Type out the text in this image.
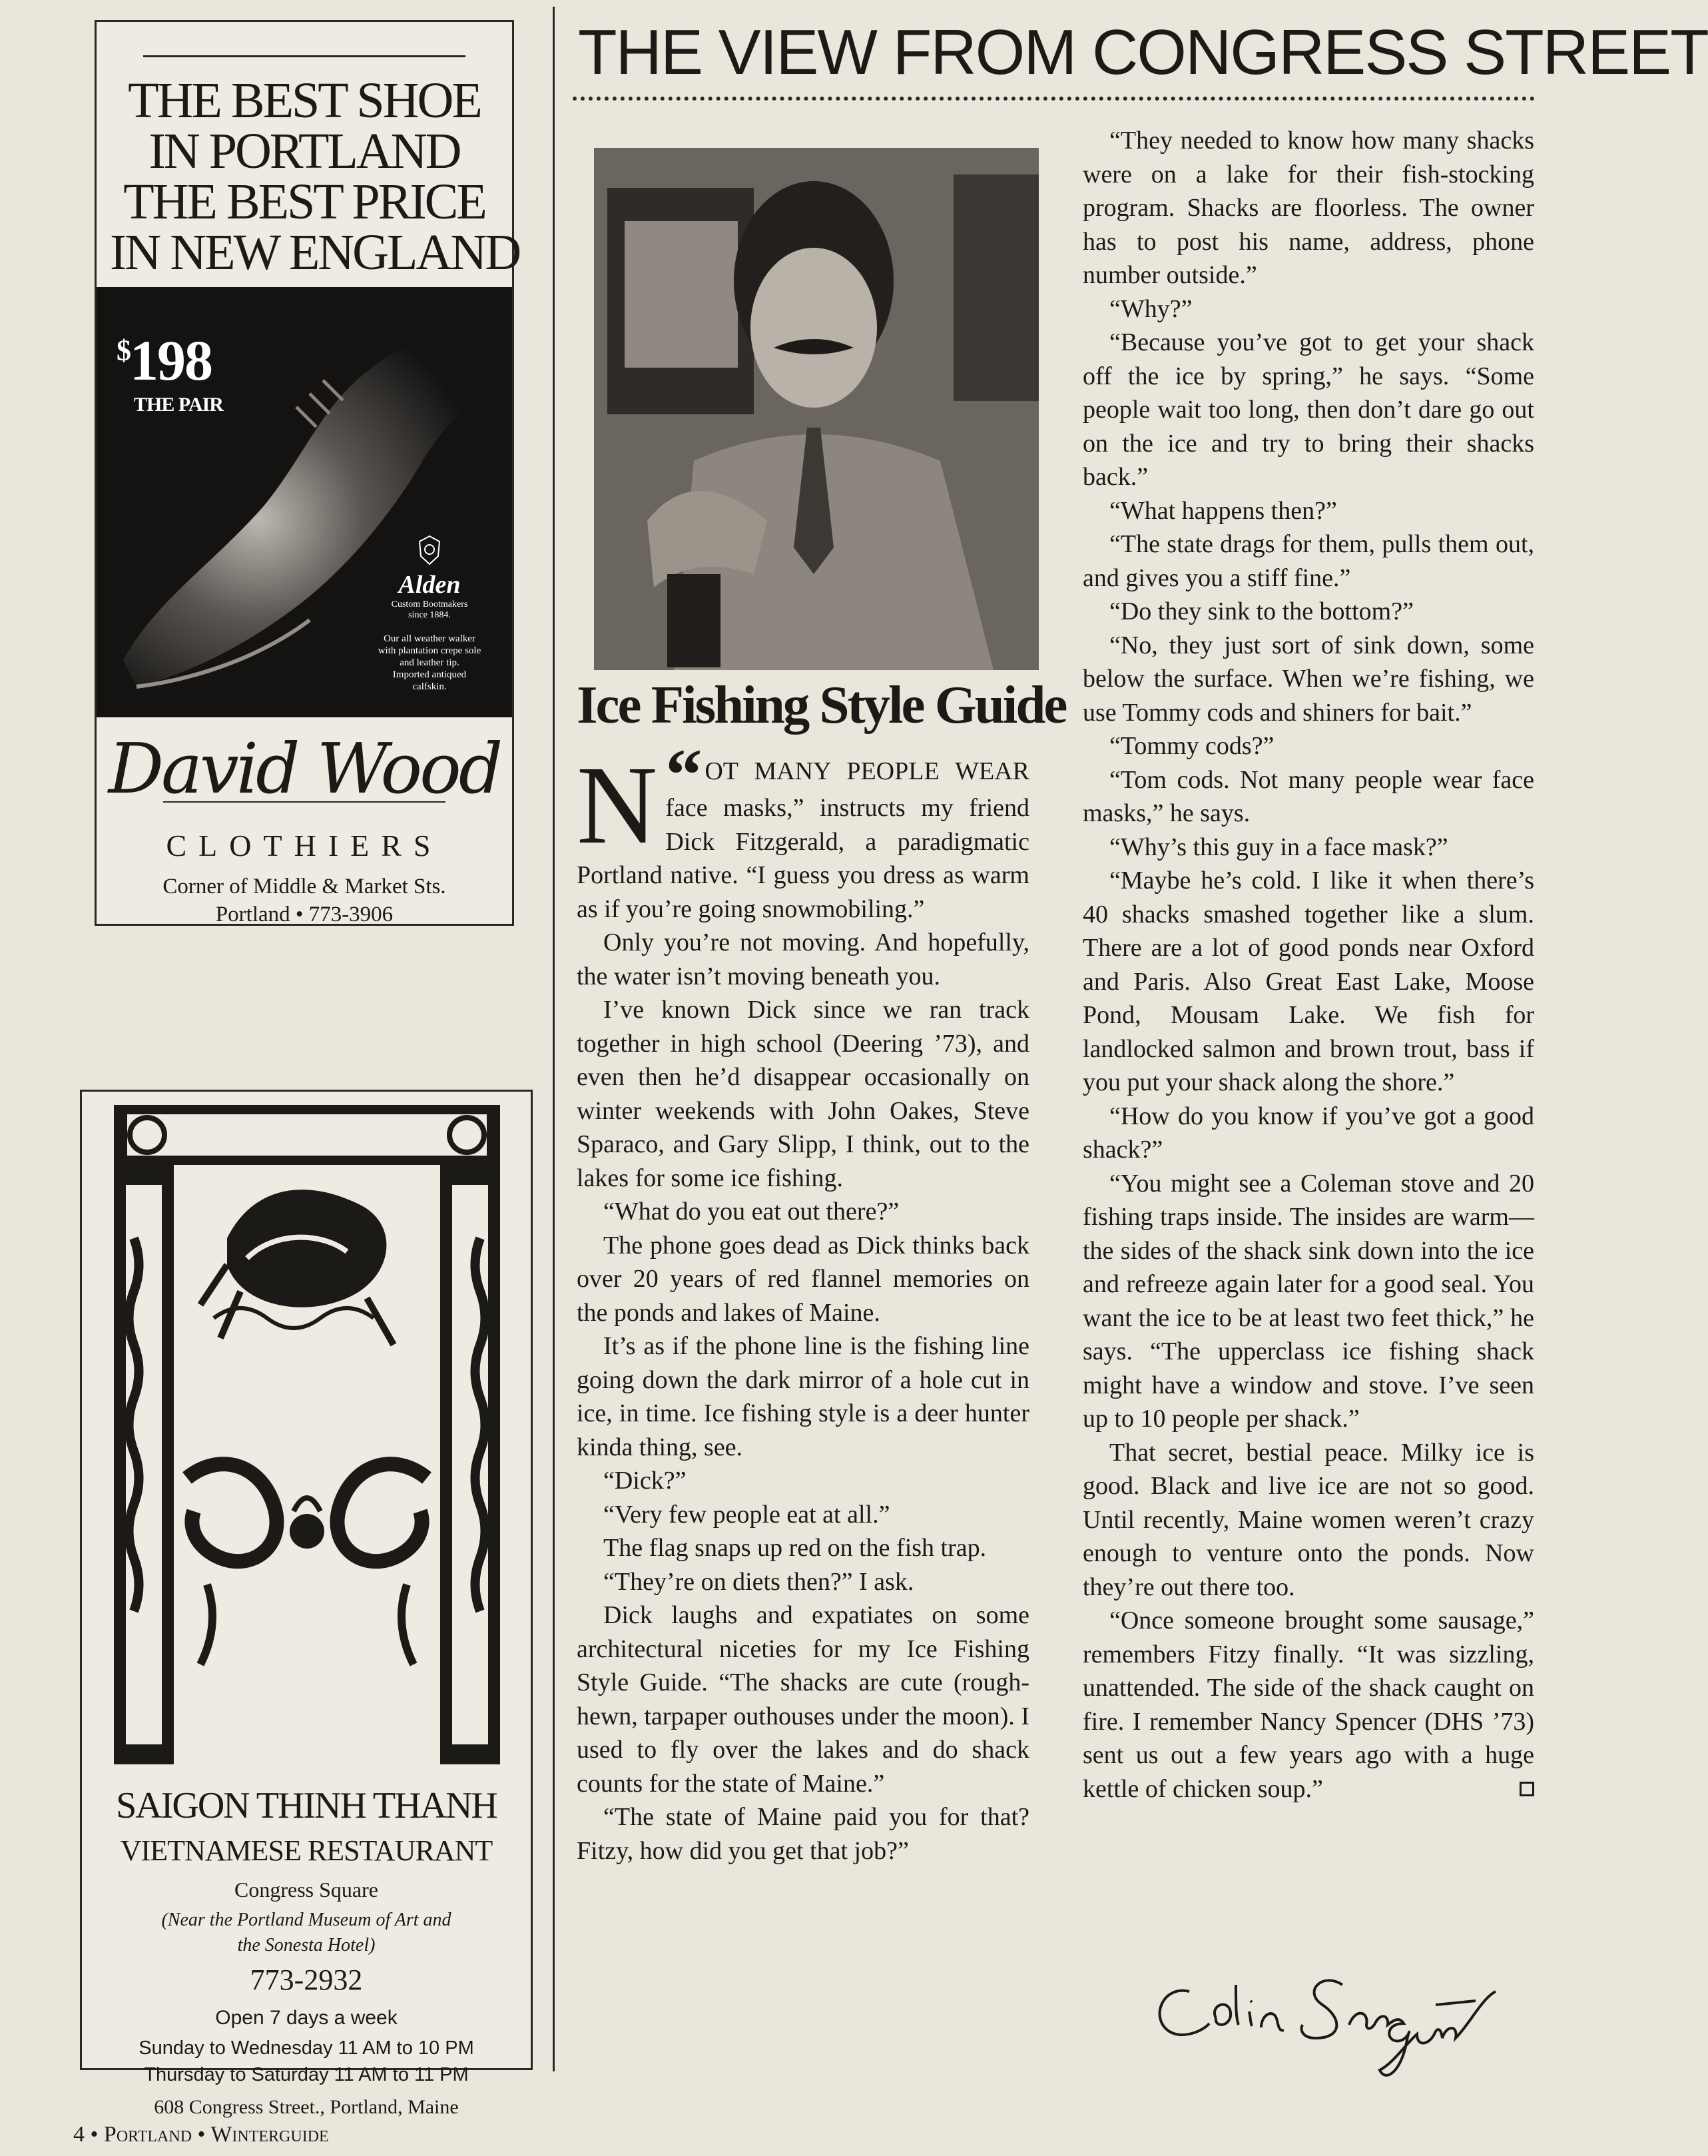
THE BEST SHOE
IN PORTLAND
THE BEST PRICE
IN NEW ENGLAND
$198
THE PAIR
Alden
Custom Bootmakers
since 1884.
Our all weather walker
with plantation crepe sole
and leather tip.
Imported antiqued
calfskin.
David Wood
CLOTHIERS
Corner of Middle & Market Sts.
Portland • 773-3906
SAIGON THINH THANH
VIETNAMESE RESTAURANT
Congress Square
(Near the Portland Museum of Art and
the Sonesta Hotel)
773-2932
Open 7 days a week
Sunday to Wednesday 11 AM to 10 PM
Thursday to Saturday 11 AM to 11 PM
608 Congress Street., Portland, Maine
THE VIEW FROM CONGRESS STREET
Ice Fishing Style Guide

“
N OT MANY PEOPLE WEAR face masks,” instructs my friend Dick Fitzgerald, a paradigmatic Portland native. “I guess you dress as warm as if you’re going snowmobiling.”

Only you’re not moving. And hopefully, the water isn’t moving beneath you.

I’ve known Dick since we ran track together in high school (Deering ’73), and even then he’d disappear occasionally on winter weekends with John Oakes, Steve Sparaco, and Gary Slipp, I think, out to the lakes for some ice fishing.

“What do you eat out there?”

The phone goes dead as Dick thinks back over 20 years of red flannel memories on the ponds and lakes of Maine.

It’s as if the phone line is the fishing line going down the dark mirror of a hole cut in ice, in time. Ice fishing style is a deer hunter kinda thing, see.

“Dick?”

“Very few people eat at all.”

The flag snaps up red on the fish trap.

“They’re on diets then?” I ask.

Dick laughs and expatiates on some architectural niceties for my Ice Fishing Style Guide. “The shacks are cute (rough-hewn, tarpaper outhouses under the moon). I used to fly over the lakes and do shack counts for the state of Maine.”

“The state of Maine paid you for that? Fitzy, how did you get that job?”

“They needed to know how many shacks were on a lake for their fish-stocking program. Shacks are floorless. The owner has to post his name, address, phone number outside.”

“Why?”

“Because you’ve got to get your shack off the ice by spring,” he says. “Some people wait too long, then don’t dare go out on the ice and try to bring their shacks back.”

“What happens then?”

“The state drags for them, pulls them out, and gives you a stiff fine.”

“Do they sink to the bottom?”

“No, they just sort of sink down, some below the surface. When we’re fishing, we use Tommy cods and shiners for bait.”

“Tommy cods?”

“Tom cods. Not many people wear face masks,” he says.

“Why’s this guy in a face mask?”

“Maybe he’s cold. I like it when there’s 40 shacks smashed together like a slum. There are a lot of good ponds near Oxford and Paris. Also Great East Lake, Moose Pond, Mousam Lake. We fish for landlocked salmon and brown trout, bass if you put your shack along the shore.”

“How do you know if you’ve got a good shack?”

“You might see a Coleman stove and 20 fishing traps inside. The insides are warm—the sides of the shack sink down into the ice and refreeze again later for a good seal. You want the ice to be at least two feet thick,” he says. “The upperclass ice fishing shack might have a window and stove. I’ve seen up to 10 people per shack.”

That secret, bestial peace. Milky ice is good. Black and live ice are not so good. Until recently, Maine women weren’t crazy enough to venture onto the ponds. Now they’re out there too.

“Once someone brought some sausage,” remembers Fitzy finally. “It was sizzling, unattended. The side of the shack caught on fire. I remember Nancy Spencer (DHS ’73) sent us out a few years ago with a huge kettle of chicken soup.”

4 • Portland • Winterguide
